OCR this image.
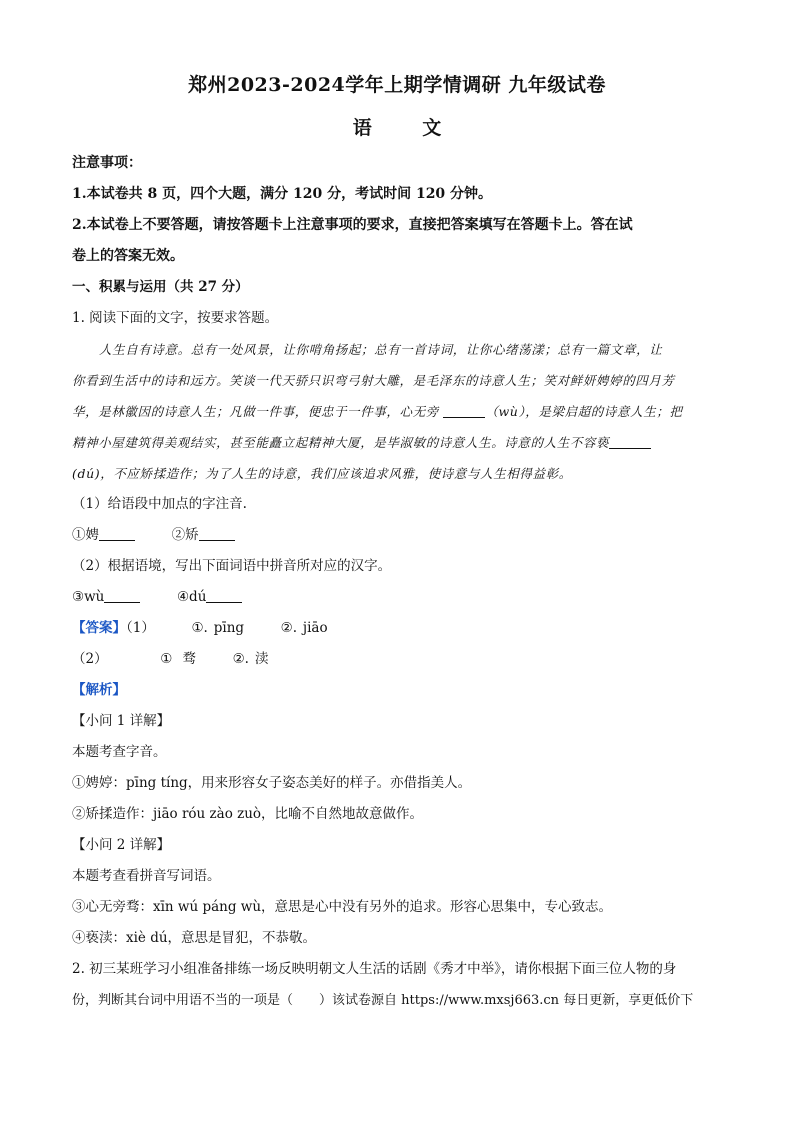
郑州2023-2024学年上期学情调研 九年级试卷
语 文
注意事项：
1.本试卷共 8 页，四个大题，满分 120 分，考试时间 120 分钟。
2.本试卷上不要答题，请按答题卡上注意事项的要求，直接把答案填写在答题卡上。答在试
卷上的答案无效。
一、积累与运用（共 27 分）
1. 阅读下面的文字，按要求答题。
人生自有诗意。总有一处风景，让你啃角扬起；总有一首诗词，让你心绪荡漾；总有一篇文章，让
你看到生活中的诗和远方。笑谈一代天骄只识弯弓射大雕，是毛泽东的诗意人生；笑对鲜妍娉婷的四月芳
华，是林徽因的诗意人生；凡做一件事，便忠于一件事，心无旁	（wù），是梁启超的诗意人生；把
精神小屋建筑得美观结实，甚至能矗立起精神大厦，是毕淑敏的诗意人生。诗意的人生不容亵
(dú)，不应矫揉造作；为了人生的诗意，我们应该追求风雅，使诗意与人生相得益彰。
（1）给语段中加点的字注音.
①娉	②矫
（2）根据语境，写出下面词语中拼音所对应的汉字。
③wù	④dú
【答案】（1）	①. pīng	②. jiāo
（2）	① 骛	②. 渎
【解析】
【小问 1 详解】
本题考查字音。
①娉婷：pīng tíng，用来形容女子姿态美好的样子。亦借指美人。
②矫揉造作：jiāo róu zào zuò，比喻不自然地故意做作。
【小问 2 详解】
本题考查看拼音写词语。
③心无旁骛：xīn wú páng wù，意思是心中没有另外的追求。形容心思集中，专心致志。
④亵渎：xiè dú，意思是冒犯，不恭敬。
2. 初三某班学习小组准备排练一场反映明朝文人生活的话剧《秀才中举》，请你根据下面三位人物的身
份，判断其台词中用语不当的一项是（　　）该试卷源自 https://www.mxsj663.cn 每日更新，享更低价下
